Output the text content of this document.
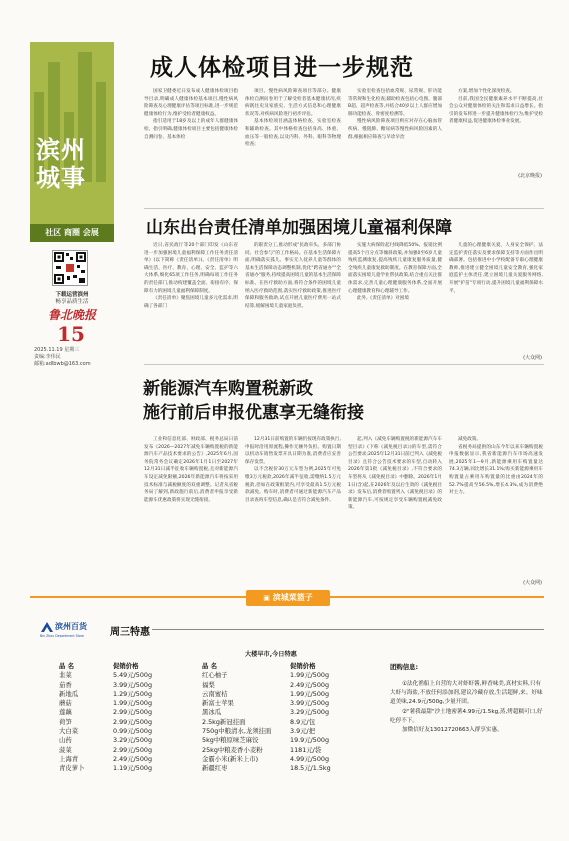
滨州城事
社区 商圈 会展
下载运营滨州
畅享品质生活
鲁北晚报
15
2025.11.19 星期三
责编:李伟民
邮箱:adlbwb@163.com
成人体检项目进一步规范

国家卫健委近日发布成人健康体检项目指导目录,明确成人健康体检基本项目,慢性病风险筛查及心理健康评估等项目标准,进一步规范健康体检行为,维护受检者健康权益。

指引适用于18岁及以上的成年人群健康体检。指引明确,健康体检项目主要包括健康体检自测问卷、基本体检

项目、慢性病风险筛查项目等部分。健康体检自测问卷用于了解受检者基本健康状况,疾病既往史及家族史、生活方式信息和心理健康状况等,对疾病风险进行初步评估。

基本体检项目涵盖体格检查、实验室检查和辅助检查。其中体格检查包括身高、体重、血压等一般检查,以及内科、外科、眼科等物理检查;

实验室检查包括血常规、尿常规、肝功能等常规和生化检查;辅助检查包括心电图、腹部B超、超声检查等,并结合40岁以上人群应增加肺功能检查、骨密度检测等。

慢性病风险筛查项目则应对存在心脑血管疾病、慢阻肺、糖尿病等慢性病风险因素的人群,根据相应筛查与早诊早治

方案,增加个性化深度检查。

目前,我国全民健康素养水平不断提高,社会公众对健康体检的关注和需求日益增长。指引的发布将进一步提升健康体检行为,维护受检者健康权益,促进健康体检事业发展。

(北京晚报)
山东出台责任清单加强困境儿童福利保障

近日,省民政厅等20个部门印发《山东省进一步加强困境儿童福利保障工作任务责任清单》(以下简称《责任清单》)。《责任清单》明确生活、医疗、教育、心理、安全、监护等六大体系,细化65项工作任务,明确每项工作任务的责任部门,推动构建覆盖全面、衔接有序、保障有力的困境儿童福利保障制度。

《责任清单》聚焦困境儿童多元化需求,明确了各部门

的职责分工,推动形成"民政牵头、多部门协同、社会参与"的工作格局。在基本生活保障方面,明确落实孤儿、事实无人抚养儿童等群体的基本生活保障动态调整机制,优化"跨省通办""全省通办"服务,持续提高困境儿童的基本生活保障标准。在医疗救助方面,将符合条件的困境儿童纳入医疗救助范围,落实医疗救助政策,推进医疗保障和服务救助,试点开展儿童医疗费用一站式结算,缓解困境儿童家庭负担。

实施大病保险起付线降低50%、报销比例提高5个百分点等倾斜政策,并加强0至6岁儿童残疾监测康复,提高残疾儿童康复服务质量,健全残疾儿童康复救助制度。在教育保障方面,全面落实困境儿童学业帮扶政策,结合重点关注群体需求,完善儿童心理健康服务体系,全面开展心理健康教育和心理辅导工作。

此外,《责任清单》对困境

儿童的心理健康关爱、人身安全保护、法定监护责任落实及要求保障支持等方面作出明确部署。包括推进中小学校配备专职心理健康教师,推进建立健全困境儿童安全教育,强化家庭监护主体责任,建立困境儿童关爱服务网络,开展"护苗"专项行动,提升困境儿童福利保障水平。

(大众网)
新能源汽车购置税新政
施行前后申报优惠享无缝衔接

工业和信息化部、财政部、税务总局日前发布《2026—2027年减免车辆购置税的新能源汽车产品技术要求的公告》,2025年6月,国务院常务会议确定2026年1月1日至2027年12月31日减半征收车辆购置税,且对新能源汽车设定减免限额,2026年新能源汽车将按采用技术标准与减税额度的双重调整。记者从省税务局了解到,新政施行前后,消费者申报享受新能源车优惠政策将实现无缝衔接。

12月31日前购置的车辆仍按现有政策执行,申报时沿用原流程,操作无额外负担。购置日期以机动车销售发票开具日期为准,消费者应妥善保存发票。

以不含税价30万元车型为例,2025年可免缴3万元税款,2026年减半征收,需缴纳1.5万元税款,但如在政策框架内,可享受最高1.5万元税款减免。购车时,消费者可通过新能源汽车产品目录查询车型信息,确认是否符合减免条件。

起,列入《减免车辆购置税的新能源汽车车型目录》(下称《减免税目录》)的车型,需符合公告要求;2025年12月31日前已列入《减免税目录》且符合公告技术要求的车型,自动转入2026年第1批《减免税目录》,不符合要求的车型将从《减免税目录》中删除。2026年1月1日(含)起,在2026年及以后生效的《减免税目录》发布后,消费者购置列入《减免税目录》的新能源汽车,可按规定享受车辆购置税减免政策。

减免政策。

省税务局提供的山东今年以来车辆购置税申报数据显示,我省新能源汽车市场高速发展,2025年1—9月,新能源乘用车购置量达74.3万辆,同比增长31.1%;购买新能源乘用车购置量占乘用车购置量的比重由2024年的52.7%提高至56.5%,增长4.3%,成为消费绝对主力。

(大众网)
▣ 滨城菜篮子
滨州百货
Bin Zhou Department Store	周三特惠
大楼早市,今日特惠
品 名	促销价格
韭菜	5.49元/500g
茄香	3.99元/500g
新地瓜	1.29元/500g
蘑菇	1.99元/500g
莲藕	2.99元/500g
荷笋	2.99元/500g
大白菜	0.99元/500g
山药	3.29元/500g
菠菜	2.99元/500g
上海青	2.49元/500g
青皮萝卜	1.19元/500g
品 名	促销价格
红心柚子	1.99元/500g
福梨	2.49元/500g
云南蜜桔	1.99元/500g
新富士苹果	3.99元/500g
黑冰瓜	3.29元/500g
2.5kg新冠挂面	8.9元/包
750g中粮清水,龙须挂面	3.9元/把
5kg中粮原味芝麻饺	19.9元/500g
25kg中粮麦香小麦粉	1181元/袋
金霸小米(新米上市)	4.99元/500g
新疆红枣	18.5元/1.5kg
团购信息:

①法化渔船上自营的大对虾虾酱,鲜香味美,真材实料,只有大虾与海盐,不放任何添加剂,建议冷藏存放,生活超鲜,来。好味道美味,24.9元/500g,少量开团。

②"薯我最甜"沙土地密薯4.99元/1.5kg,蒸,烤超糯可口,好吃停不下。

加微信好友13012720663入群享实惠。
